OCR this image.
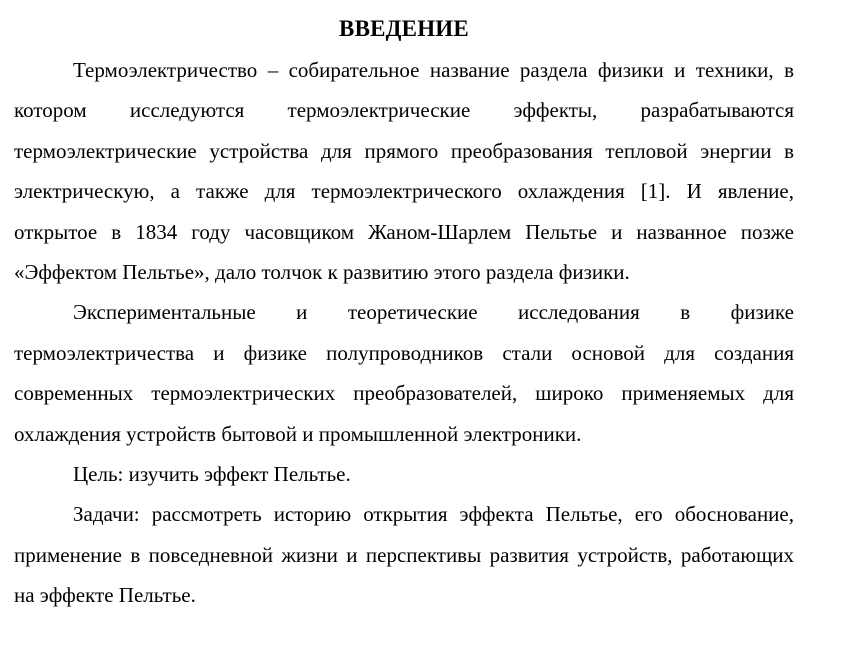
ВВЕДЕНИЕ

Термоэлектричество – собирательное название раздела физики и техники, в котором исследуются термоэлектрические эффекты, разрабатываются термоэлектрические устройства для прямого преобразования тепловой энергии в электрическую, а также для термоэлектрического охлаждения [1]. И явление, открытое в 1834 году часовщиком Жаном-Шарлем Пельтье и названное позже «Эффектом Пельтье», дало толчок к развитию этого раздела физики.

Экспериментальные и теоретические исследования в физике термоэлектричества и физике полупроводников стали основой для создания современных термоэлектрических преобразователей, широко применяемых для охлаждения устройств бытовой и промышленной электроники.

Цель: изучить эффект Пельтье.

Задачи: рассмотреть историю открытия эффекта Пельтье, его обоснование, применение в повседневной жизни и перспективы развития устройств, работающих на эффекте Пельтье.
